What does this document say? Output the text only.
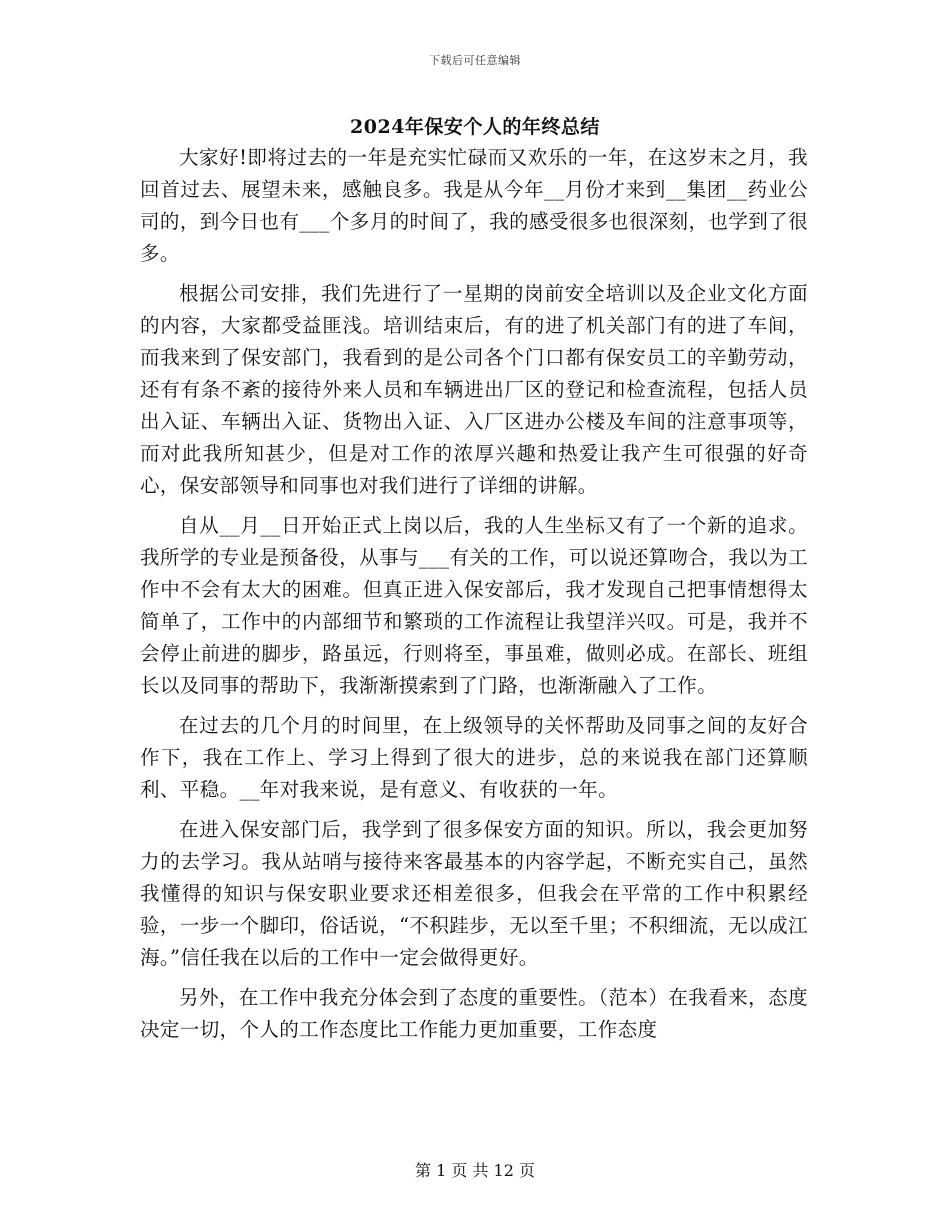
下载后可任意编辑
2024年保安个人的年终总结

大家好!即将过去的一年是充实忙碌而又欢乐的一年，在这岁末之月，我回首过去、展望未来，感触良多。我是从今年__月份才来到__集团__药业公司的，到今日也有___个多月的时间了，我的感受很多也很深刻，也学到了很多。

根据公司安排，我们先进行了一星期的岗前安全培训以及企业文化方面的内容，大家都受益匪浅。培训结束后，有的进了机关部门有的进了车间，而我来到了保安部门，我看到的是公司各个门口都有保安员工的辛勤劳动，还有有条不紊的接待外来人员和车辆进出厂区的登记和检查流程，包括人员出入证、车辆出入证、货物出入证、入厂区进办公楼及车间的注意事项等，而对此我所知甚少，但是对工作的浓厚兴趣和热爱让我产生可很强的好奇心，保安部领导和同事也对我们进行了详细的讲解。

自从__月__日开始正式上岗以后，我的人生坐标又有了一个新的追求。我所学的专业是预备役，从事与___有关的工作，可以说还算吻合，我以为工作中不会有太大的困难。但真正进入保安部后，我才发现自己把事情想得太简单了，工作中的内部细节和繁琐的工作流程让我望洋兴叹。可是，我并不会停止前进的脚步，路虽远，行则将至，事虽难，做则必成。在部长、班组长以及同事的帮助下，我渐渐摸索到了门路，也渐渐融入了工作。

在过去的几个月的时间里，在上级领导的关怀帮助及同事之间的友好合作下，我在工作上、学习上得到了很大的进步，总的来说我在部门还算顺利、平稳。__年对我来说，是有意义、有收获的一年。

在进入保安部门后，我学到了很多保安方面的知识。所以，我会更加努力的去学习。我从站哨与接待来客最基本的内容学起，不断充实自己，虽然我懂得的知识与保安职业要求还相差很多，但我会在平常的工作中积累经验，一步一个脚印，俗话说，“不积跬步，无以至千里；不积细流，无以成江海。”信任我在以后的工作中一定会做得更好。

另外，在工作中我充分体会到了态度的重要性。（范本）在我看来，态度决定一切，个人的工作态度比工作能力更加重要，工作态度

第 1 页 共 12 页
